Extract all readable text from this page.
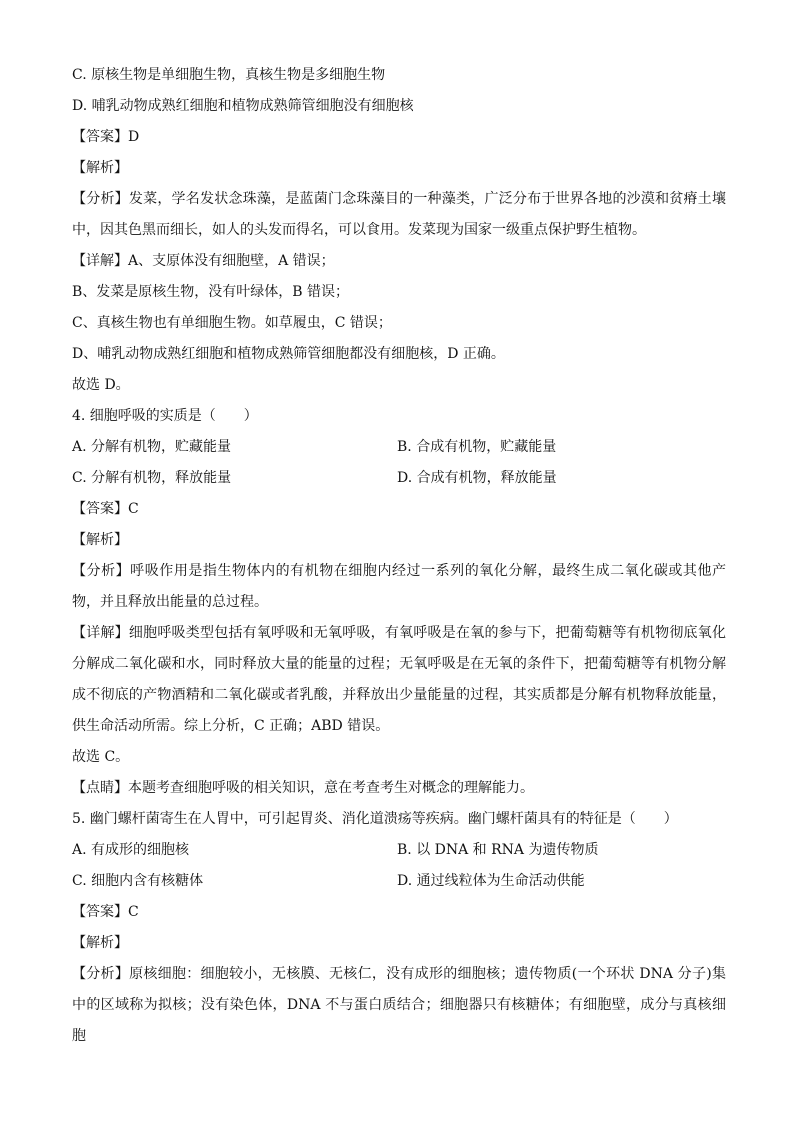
C. 原核生物是单细胞生物，真核生物是多细胞生物
D. 哺乳动物成熟红细胞和植物成熟筛管细胞没有细胞核
【答案】D
【解析】
【分析】发菜，学名发状念珠藻，是蓝菌门念珠藻目的一种藻类，广泛分布于世界各地的沙漠和贫瘠土壤中，因其色黑而细长，如人的头发而得名，可以食用。发菜现为国家一级重点保护野生植物。
【详解】A、支原体没有细胞壁，A 错误；
B、发菜是原核生物，没有叶绿体，B 错误；
C、真核生物也有单细胞生物。如草履虫，C 错误；
D、哺乳动物成熟红细胞和植物成熟筛管细胞都没有细胞核，D 正确。
故选 D。
4. 细胞呼吸的实质是（　　）
A. 分解有机物，贮藏能量	B. 合成有机物，贮藏能量
C. 分解有机物，释放能量	D. 合成有机物，释放能量
【答案】C
【解析】
【分析】呼吸作用是指生物体内的有机物在细胞内经过一系列的氧化分解，最终生成二氧化碳或其他产物，并且释放出能量的总过程。
【详解】细胞呼吸类型包括有氧呼吸和无氧呼吸，有氧呼吸是在氧的参与下，把葡萄糖等有机物彻底氧化分解成二氧化碳和水，同时释放大量的能量的过程；无氧呼吸是在无氧的条件下，把葡萄糖等有机物分解成不彻底的产物酒精和二氧化碳或者乳酸，并释放出少量能量的过程，其实质都是分解有机物释放能量，供生命活动所需。综上分析，C 正确；ABD 错误。
故选 C。
【点睛】本题考查细胞呼吸的相关知识，意在考查考生对概念的理解能力。
5. 幽门螺杆菌寄生在人胃中，可引起胃炎、消化道溃疡等疾病。幽门螺杆菌具有的特征是（　　）
A. 有成形的细胞核	B. 以 DNA 和 RNA 为遗传物质
C. 细胞内含有核糖体	D. 通过线粒体为生命活动供能
【答案】C
【解析】
【分析】原核细胞：细胞较小，无核膜、无核仁，没有成形的细胞核；遗传物质(一个环状 DNA 分子)集中的区域称为拟核；没有染色体，DNA 不与蛋白质结合；细胞器只有核糖体；有细胞壁，成分与真核细胞
